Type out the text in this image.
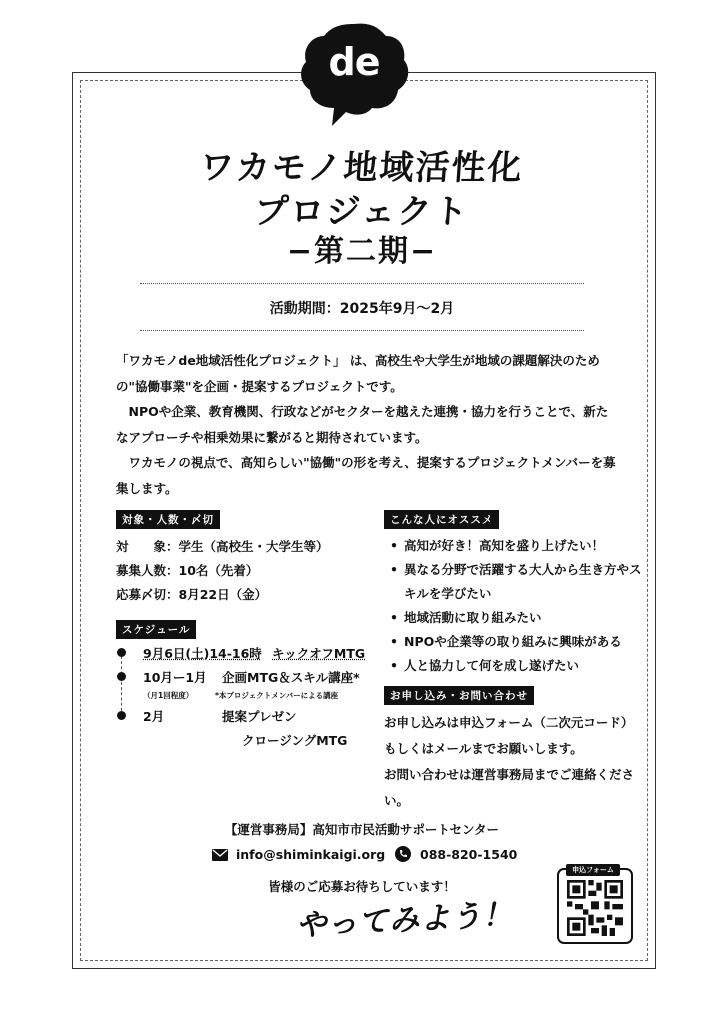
de
ワカモノ地域活性化
プロジェクト
−第二期−
活動期間：2025年9月〜2月

「ワカモノde地域活性化プロジェクト」 は、高校生や大学生が地域の課題解決のための"協働事業"を企画・提案するプロジェクトです。

NPOや企業、教育機関、行政などがセクターを越えた連携・協力を行うことで、新たなアプローチや相乗効果に繋がると期待されています。

ワカモノの視点で、高知らしい"協働"の形を考え、提案するプロジェクトメンバーを募集します。

対象・人数・〆切
対　　象：学生（高校生・大学生等）
募集人数：10名（先着）
応募〆切：8月22日（金）
スケジュール
9月6日(土)14-16時 キックオフMTG
10月ー1月 企画MTG＆スキル講座*
（月1回程度）	*本プロジェクトメンバーによる講座
2月	提案プレゼン
クロージングMTG
こんな人にオススメ
• 高知が好き！高知を盛り上げたい！
• 異なる分野で活躍する大人から生き方やスキルを学びたい
• 地域活動に取り組みたい
• NPOや企業等の取り組みに興味がある
• 人と協力して何を成し遂げたい
お申し込み・お問い合わせ
お申し込みは申込フォーム（二次元コード）もしくはメールまでお願いします。
お問い合わせは運営事務局までご連絡ください。
【運営事務局】高知市市民活動サポートセンター
info@shiminkaigi.org	088-820-1540
皆様のご応募お待ちしています！
やってみよう！
申込フォーム
